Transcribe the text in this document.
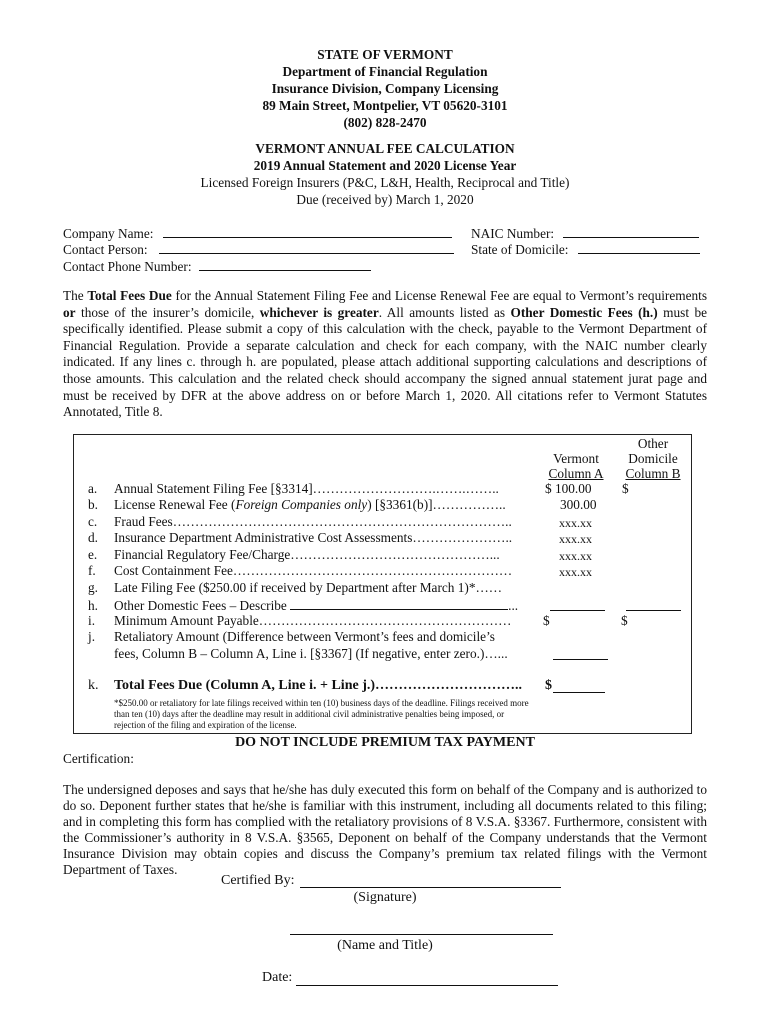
STATE OF VERMONT
Department of Financial Regulation
Insurance Division, Company Licensing
89 Main Street, Montpelier, VT 05620-3101
(802) 828-2470
VERMONT ANNUAL FEE CALCULATION
2019 Annual Statement and 2020 License Year
Licensed Foreign Insurers (P&C, L&H, Health, Reciprocal and Title)
Due (received by) March 1, 2020
Company Name:
Contact Person:
Contact Phone Number:
NAIC Number:
State of Domicile:
The Total Fees Due for the Annual Statement Filing Fee and License Renewal Fee are equal to Vermont’s requirements or those of the insurer’s domicile, whichever is greater. All amounts listed as Other Domestic Fees (h.) must be specifically identified. Please submit a copy of this calculation with the check, payable to the Vermont Department of Financial Regulation. Provide a separate calculation and check for each company, with the NAIC number clearly indicated. If any lines c. through h. are populated, please attach additional supporting calculations and descriptions of those amounts. This calculation and the related check should accompany the signed annual statement jurat page and must be received by DFR at the above address on or before March 1, 2020. All citations refer to Vermont Statutes Annotated, Title 8.
Vermont
Column A
Other
Domicile
Column B
a. Annual Statement Filing Fee [§3314]……………………….…….……..
b. License Renewal Fee (Foreign Companies only) [§3361(b)]……………..
c. Fraud Fees…………………………………………………………………..
d. Insurance Department Administrative Cost Assessments…………………..
e. Financial Regulatory Fee/Charge………………………………………...
f. Cost Containment Fee………………………………………………………
g. Late Filing Fee ($250.00 if received by Department after March 1)*……
h. Other Domestic Fees – Describe	...
i. Minimum Amount Payable…………………………………………………
j. Retaliatory Amount (Difference between Vermont’s fees and domicile’s
fees, Column B – Column A, Line i. [§3367] (If negative, enter zero.)…...
k. Total Fees Due (Column A, Line i. + Line j.)…………………………..
$ 100.00
300.00
xxx.xx
xxx.xx
xxx.xx
xxx.xx
$
$
$
$
*$250.00 or retaliatory for late filings received within ten (10) business days of the deadline. Filings received more than ten (10) days after the deadline may result in additional civil administrative penalties being imposed, or rejection of the filing and expiration of the license.
DO NOT INCLUDE PREMIUM TAX PAYMENT
Certification:
The undersigned deposes and says that he/she has duly executed this form on behalf of the Company and is authorized to do so. Deponent further states that he/she is familiar with this instrument, including all documents related to this filing; and in completing this form has complied with the retaliatory provisions of 8 V.S.A. §3367. Furthermore, consistent with the Commissioner’s authority in 8 V.S.A. §3565, Deponent on behalf of the Company understands that the Vermont Insurance Division may obtain copies and discuss the Company’s premium tax related filings with the Vermont Department of Taxes.
Certified By:
(Signature)
(Name and Title)
Date:
